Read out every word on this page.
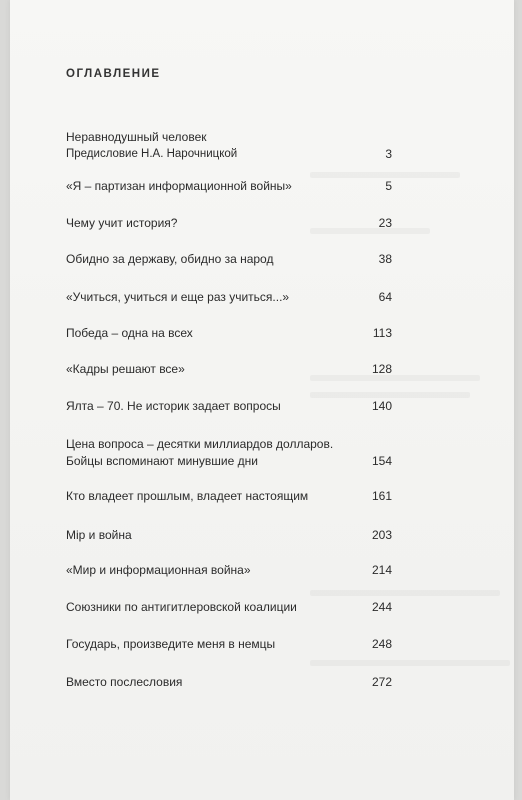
ОГЛАВЛЕНИЕ
Неравнодушный человек
Предисловие Н.А. Нарочницкой	3
«Я – партизан информационной войны»	5
Чему учит история?	23
Обидно за державу, обидно за народ	38
«Учиться, учиться и еще раз учиться...»	64
Победа – одна на всех	113
«Кадры решают все»	128
Ялта – 70. Не историк задает вопросы	140
Цена вопроса – десятки миллиардов долларов.
Бойцы вспоминают минувшие дни	154
Кто владеет прошлым, владеет настоящим	161
Мiр и война	203
«Мир и информационная война»	214
Союзники по антигитлеровской коалиции	244
Государь, произведите меня в немцы	248
Вместо послесловия	272
